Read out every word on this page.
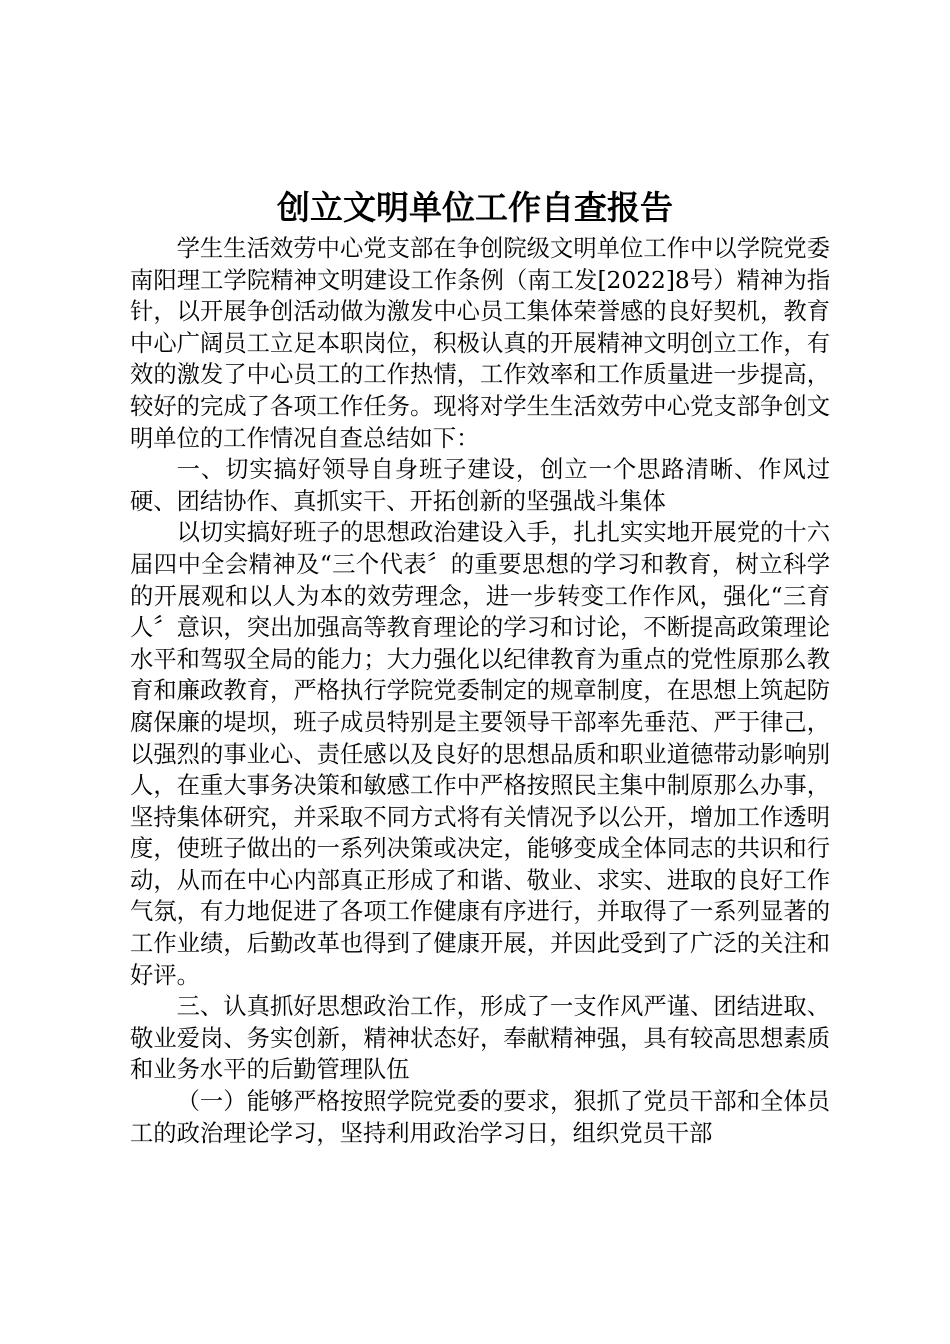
创立文明单位工作自查报告

学生生活效劳中心党支部在争创院级文明单位工作中以学院党委南阳理工学院精神文明建设工作条例（南工发[2022]8号）精神为指针，以开展争创活动做为激发中心员工集体荣誉感的良好契机，教育中心广阔员工立足本职岗位，积极认真的开展精神文明创立工作，有效的激发了中心员工的工作热情，工作效率和工作质量进一步提高，较好的完成了各项工作任务。现将对学生生活效劳中心党支部争创文明单位的工作情况自查总结如下：

一、切实搞好领导自身班子建设，创立一个思路清晰、作风过硬、团结协作、真抓实干、开拓创新的坚强战斗集体

以切实搞好班子的思想政治建设入手，扎扎实实地开展党的十六届四中全会精神及“三个代表〞的重要思想的学习和教育，树立科学的开展观和以人为本的效劳理念，进一步转变工作作风，强化“三育人〞意识，突出加强高等教育理论的学习和讨论，不断提高政策理论水平和驾驭全局的能力；大力强化以纪律教育为重点的党性原那么教育和廉政教育，严格执行学院党委制定的规章制度，在思想上筑起防腐保廉的堤坝，班子成员特别是主要领导干部率先垂范、严于律己，以强烈的事业心、责任感以及良好的思想品质和职业道德带动影响别人，在重大事务决策和敏感工作中严格按照民主集中制原那么办事，坚持集体研究，并采取不同方式将有关情况予以公开，增加工作透明度，使班子做出的一系列决策或决定，能够变成全体同志的共识和行动，从而在中心内部真正形成了和谐、敬业、求实、进取的良好工作气氛，有力地促进了各项工作健康有序进行，并取得了一系列显著的工作业绩，后勤改革也得到了健康开展，并因此受到了广泛的关注和好评。

三、认真抓好思想政治工作，形成了一支作风严谨、团结进取、敬业爱岗、务实创新，精神状态好，奉献精神强，具有较高思想素质和业务水平的后勤管理队伍

（一）能够严格按照学院党委的要求，狠抓了党员干部和全体员工的政治理论学习，坚持利用政治学习日，组织党员干部
